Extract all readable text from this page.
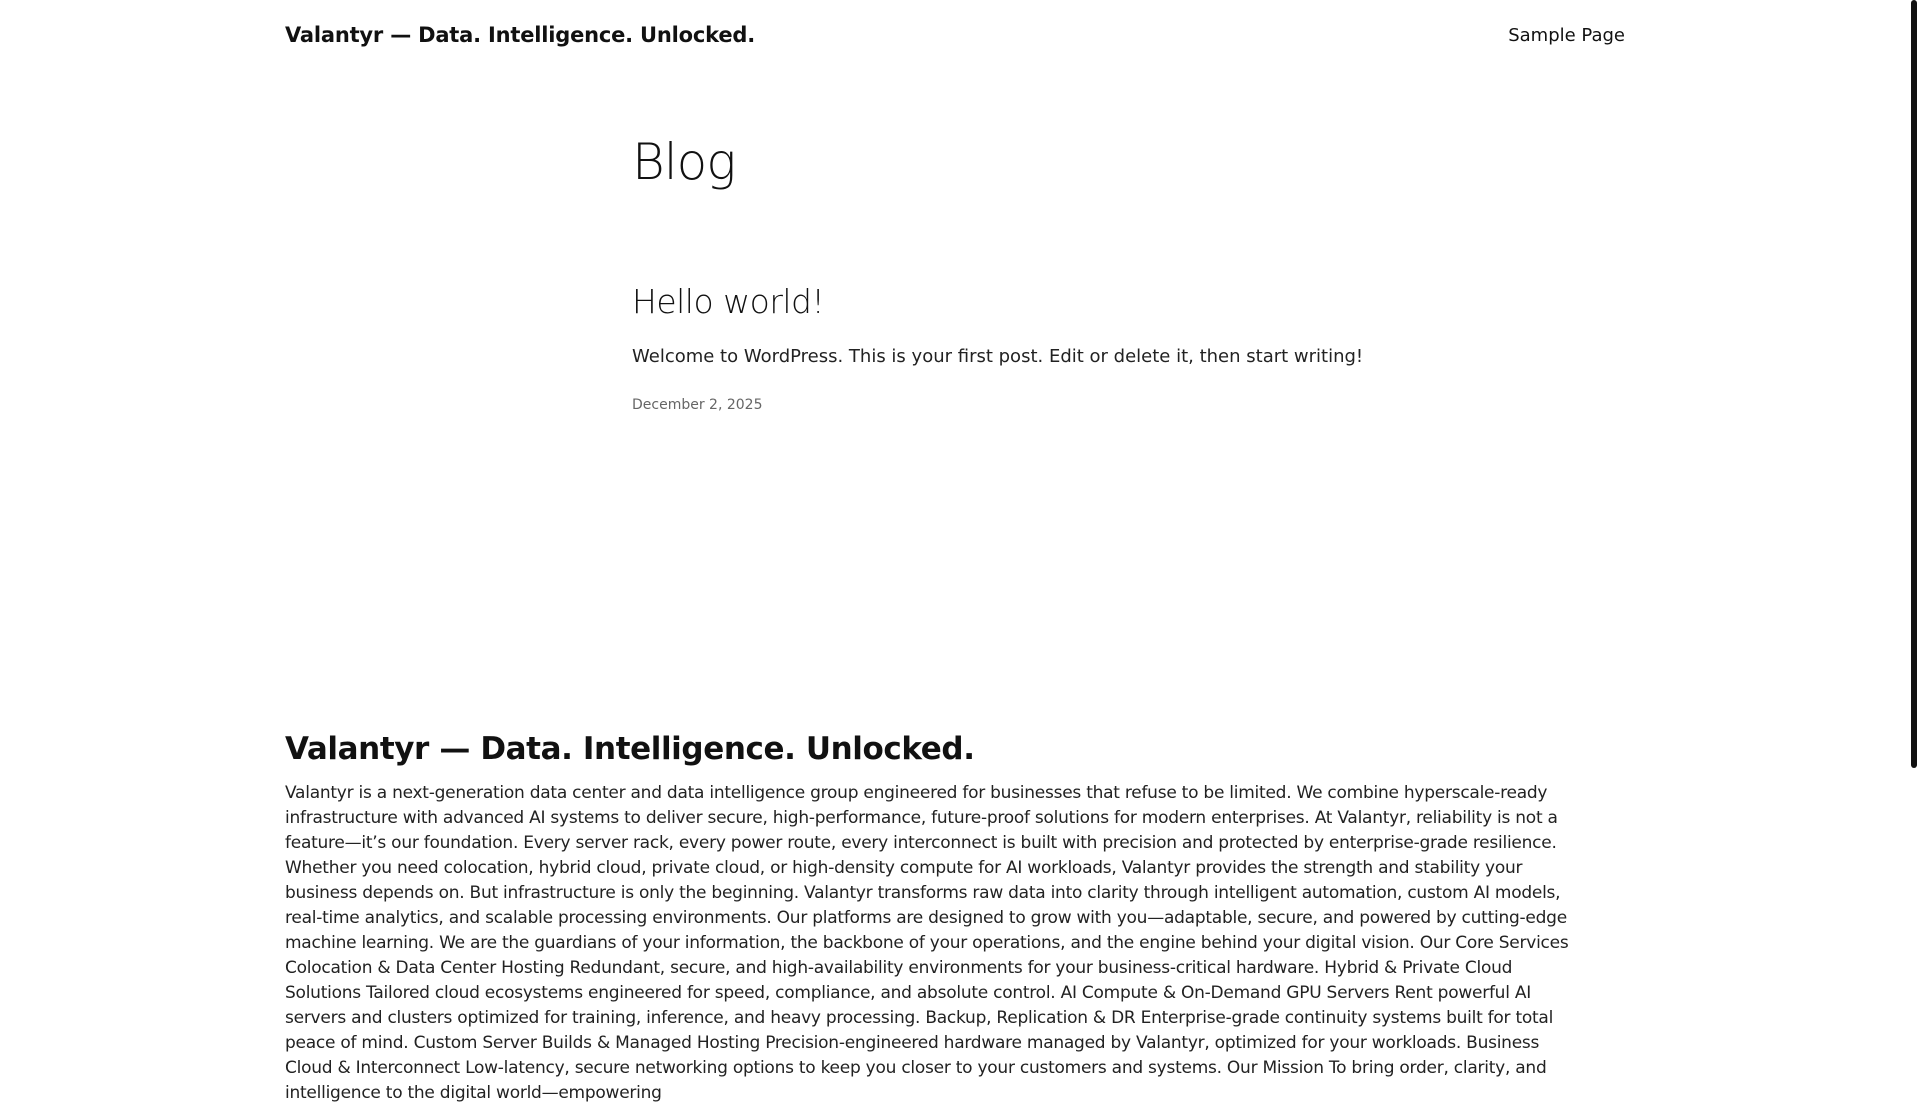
Valantyr — Data. Intelligence. Unlocked.	Sample Page
Blog
Hello world!

Welcome to WordPress. This is your first post. Edit or delete it, then start writing!

December 2, 2025

Valantyr — Data. Intelligence. Unlocked.

Valantyr is a next-generation data center and data intelligence group engineered for businesses that refuse to be limited. We combine hyperscale-ready infrastructure with advanced AI systems to deliver secure, high-performance, future-proof solutions for modern enterprises. At Valantyr, reliability is not a feature—it’s our foundation. Every server rack, every power route, every interconnect is built with precision and protected by enterprise-grade resilience. Whether you need colocation, hybrid cloud, private cloud, or high-density compute for AI workloads, Valantyr provides the strength and stability your business depends on. But infrastructure is only the beginning. Valantyr transforms raw data into clarity through intelligent automation, custom AI models, real-time analytics, and scalable processing environments. Our platforms are designed to grow with you—adaptable, secure, and powered by cutting-edge machine learning. We are the guardians of your information, the backbone of your operations, and the engine behind your digital vision. Our Core Services Colocation & Data Center Hosting Redundant, secure, and high-availability environments for your business-critical hardware. Hybrid & Private Cloud Solutions Tailored cloud ecosystems engineered for speed, compliance, and absolute control. AI Compute & On-Demand GPU Servers Rent powerful AI servers and clusters optimized for training, inference, and heavy processing. Backup, Replication & DR Enterprise-grade continuity systems built for total peace of mind. Custom Server Builds & Managed Hosting Precision-engineered hardware managed by Valantyr, optimized for your workloads. Business Cloud & Interconnect Low-latency, secure networking options to keep you closer to your customers and systems. Our Mission To bring order, clarity, and intelligence to the digital world—empowering
